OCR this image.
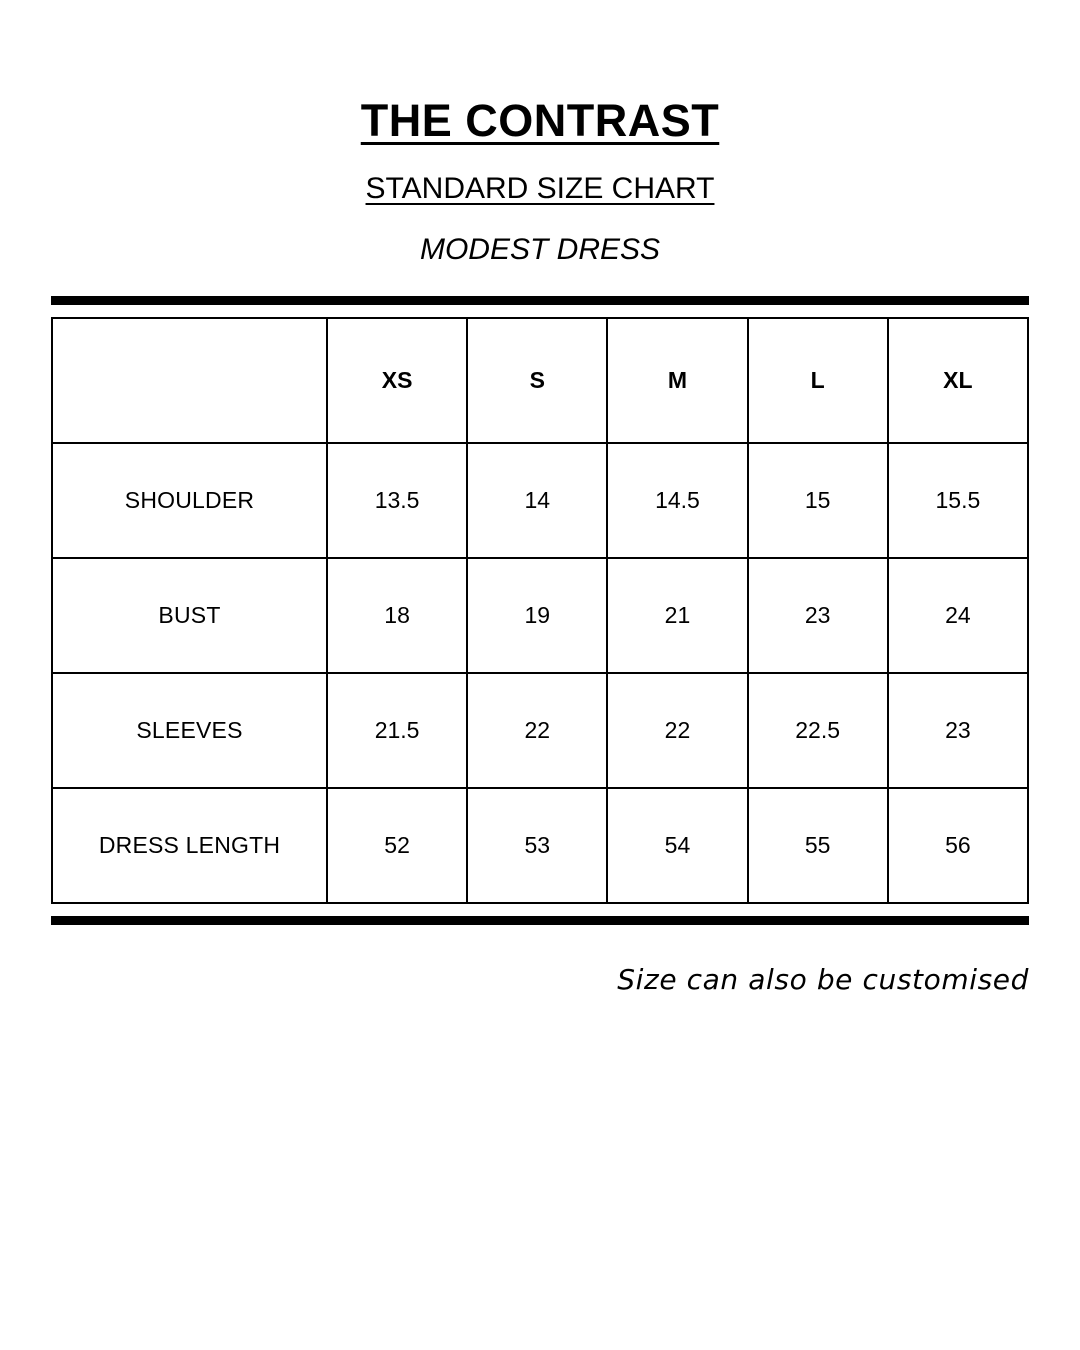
THE CONTRAST
STANDARD SIZE CHART
MODEST DRESS
	XS	S	M	L	XL
SHOULDER	13.5	14	14.5	15	15.5
BUST	18	19	21	23	24
SLEEVES	21.5	22	22	22.5	23
DRESS LENGTH	52	53	54	55	56
Size can also be customised
